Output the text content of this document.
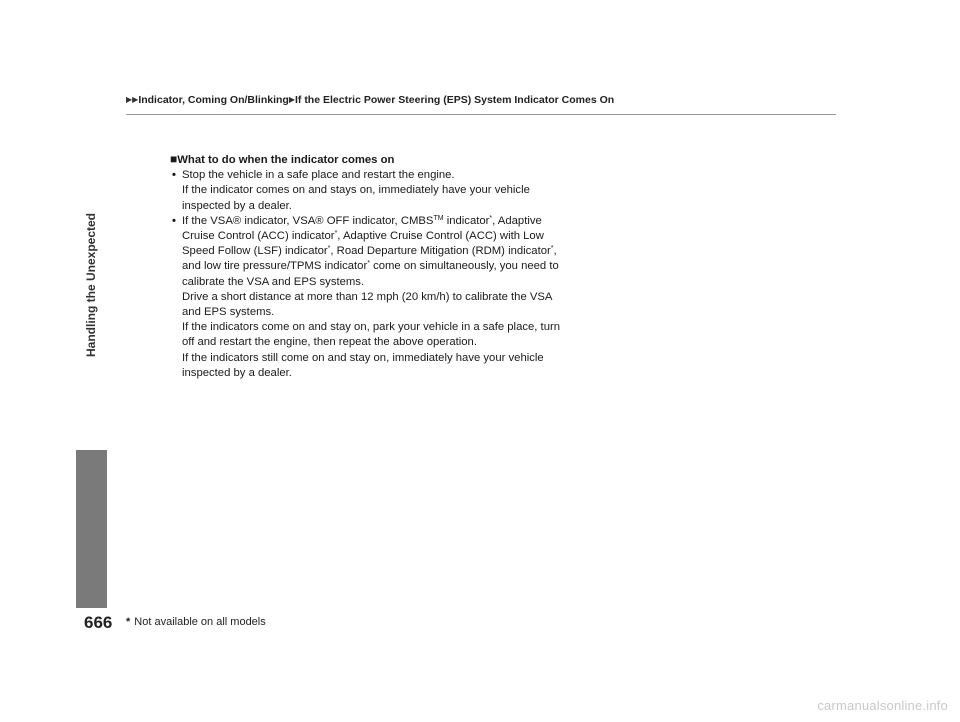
▶▶Indicator, Coming On/Blinking▶If the Electric Power Steering (EPS) System Indicator Comes On
Handling the Unexpected
■What to do when the indicator comes on
• Stop the vehicle in a safe place and restart the engine.
If the indicator comes on and stays on, immediately have your vehicle inspected by a dealer.
• If the VSA® indicator, VSA® OFF indicator, CMBS™ indicator*, Adaptive Cruise Control (ACC) indicator*, Adaptive Cruise Control (ACC) with Low Speed Follow (LSF) indicator*, Road Departure Mitigation (RDM) indicator*, and low tire pressure/TPMS indicator* come on simultaneously, you need to calibrate the VSA and EPS systems.
Drive a short distance at more than 12 mph (20 km/h) to calibrate the VSA and EPS systems.
If the indicators come on and stay on, park your vehicle in a safe place, turn off and restart the engine, then repeat the above operation.
If the indicators still come on and stay on, immediately have your vehicle inspected by a dealer.
666 * Not available on all models
carmanualsonline.info
